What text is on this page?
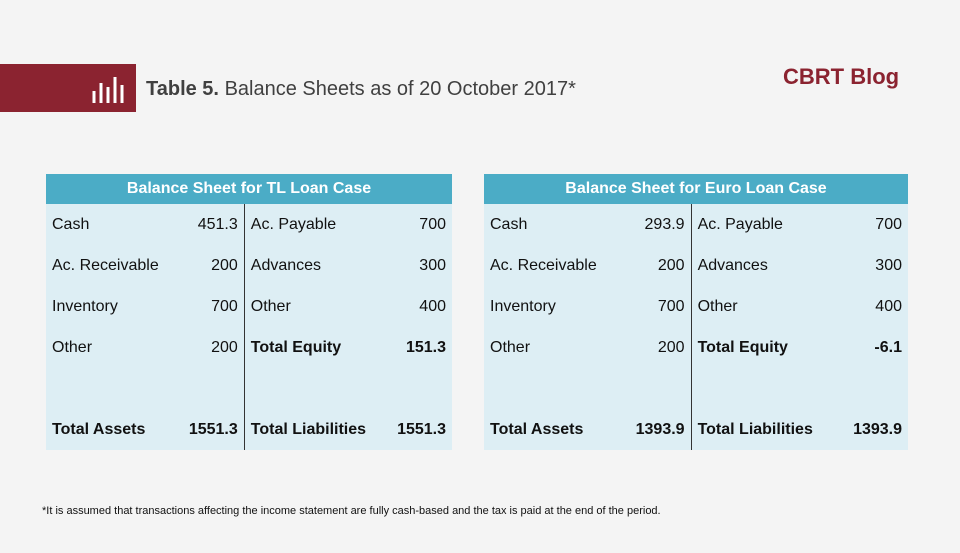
Table 5. Balance Sheets as of 20 October 2017*	CBRT Blog
Balance Sheet for TL Loan Case			
Cash	451.3	Ac. Payable	700
Ac. Receivable	200	Advances	300
Inventory	700	Other	400
Other	200	Total Equity	151.3

Total Assets	1551.3	Total Liabilities	1551.3
Balance Sheet for Euro Loan Case			
Cash	293.9	Ac. Payable	700
Ac. Receivable	200	Advances	300
Inventory	700	Other	400
Other	200	Total Equity	-6.1

Total Assets	1393.9	Total Liabilities	1393.9
*It is assumed that transactions affecting the income statement are fully cash-based and the tax is paid at the end of the period.
